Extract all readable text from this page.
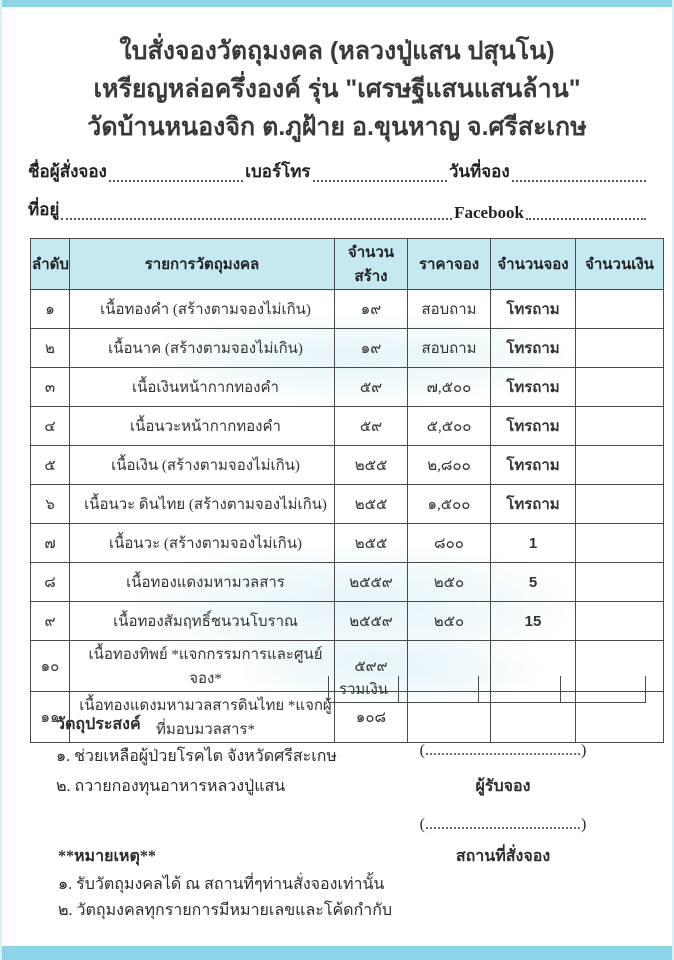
ใบสั่งจองวัตถุมงคล (หลวงปู่แสน ปสุนโน)
เหรียญหล่อครึ่งองค์ รุ่น "เศรษฐีแสนแสนล้าน"
วัดบ้านหนองจิก ต.ภูฝ้าย อ.ขุนหาญ จ.ศรีสะเกษ
ชื่อผู้สั่งจอง	เบอร์โทร	วันที่จอง
ที่อยู่	Facebook
ลำดับ	รายการวัตถุมงคล	จำนวนสร้าง	ราคาจอง	จำนวนจอง	จำนวนเงิน
๑	เนื้อทองคำ (สร้างตามจองไม่เกิน)	๑๙	สอบถาม	โทรถาม	
๒	เนื้อนาค (สร้างตามจองไม่เกิน)	๑๙	สอบถาม	โทรถาม	
๓	เนื้อเงินหน้ากากทองคำ	๕๙	๗,๕๐๐	โทรถาม	
๔	เนื้อนวะหน้ากากทองคำ	๕๙	๕,๕๐๐	โทรถาม	
๕	เนื้อเงิน (สร้างตามจองไม่เกิน)	๒๕๕	๒,๘๐๐	โทรถาม	
๖	เนื้อนวะ ดินไทย (สร้างตามจองไม่เกิน)	๒๕๕	๑,๕๐๐	โทรถาม	
๗	เนื้อนวะ (สร้างตามจองไม่เกิน)	๒๕๕	๘๐๐	1	
๘	เนื้อทองแดงมหามวลสาร	๒๕๕๙	๒๕๐	5	
๙	เนื้อทองสัมฤทธิ์ชนวนโบราณ	๒๕๕๙	๒๕๐	15	
๑๐	เนื้อทองทิพย์ *แจกกรรมการและศูนย์จอง*	๕๙๙			
๑๑	เนื้อทองแดงมหามวลสารดินไทย *แจกผู้ที่มอบมวลสาร*	๑๐๘			
รวมเงิน
วัตถุประสงค์
๑. ช่วยเหลือผู้ป่วยโรคไต จังหวัดศรีสะเกษ
๒. ถวายกองทุนอาหารหลวงปู่แสน
(.......................................)
ผู้รับจอง
(.......................................)
สถานที่สั่งจอง
**หมายเหตุ**
๑. รับวัตถุมงคลได้ ณ สถานที่ๆท่านสั่งจองเท่านั้น
๒. วัตถุมงคลทุกรายการมีหมายเลขและโค้ดกำกับ
